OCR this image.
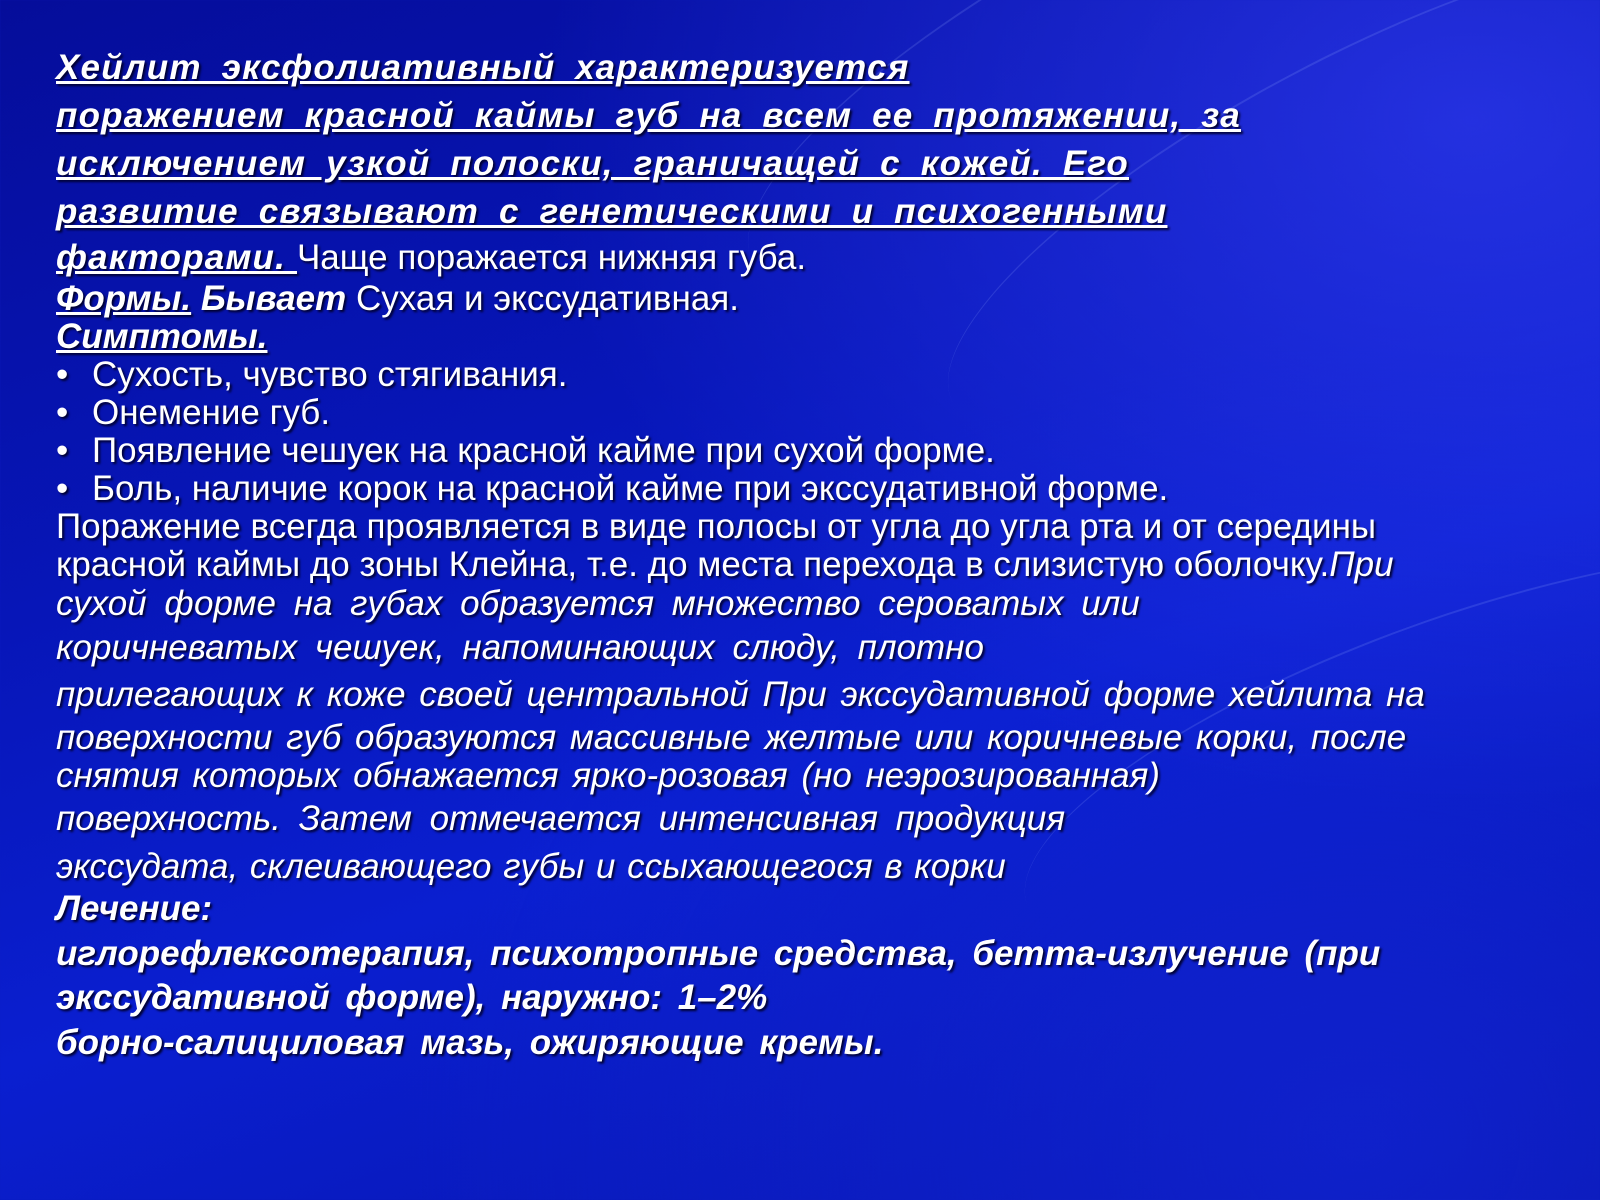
Хейлит эксфолиативный характеризуется
поражением красной каймы губ на всем ее протяжении, за
исключением узкой полоски, граничащей с кожей. Его
развитие связывают с генетическими и психогенными
факторами. Чаще поражается нижняя губа.
Формы. Бывает Сухая и экссудативная.
Симптомы.
• Сухость, чувство стягивания.
• Онемение губ.
• Появление чешуек на красной кайме при сухой форме.
• Боль, наличие корок на красной кайме при экссудативной форме.
Поражение всегда проявляется в виде полосы от угла до угла рта и от середины
красной каймы до зоны Клейна, т.е. до места перехода в слизистую оболочку.При
сухой форме на губах образуется множество сероватых или
коричневатых чешуек, напоминающих слюду, плотно
прилегающих к коже своей центральной При экссудативной форме хейлита на
поверхности губ образуются массивные желтые или коричневые корки, после
снятия которых обнажается ярко-розовая (но неэрозированная)
поверхность. Затем отмечается интенсивная продукция
экссудата, склеивающего губы и ссыхающегося в корки
Лечение:
иглорефлексотерапия, психотропные средства, бетта-излучение (при
экссудативной форме), наружно: 1–2%
борно-салициловая мазь, ожиряющие кремы.
